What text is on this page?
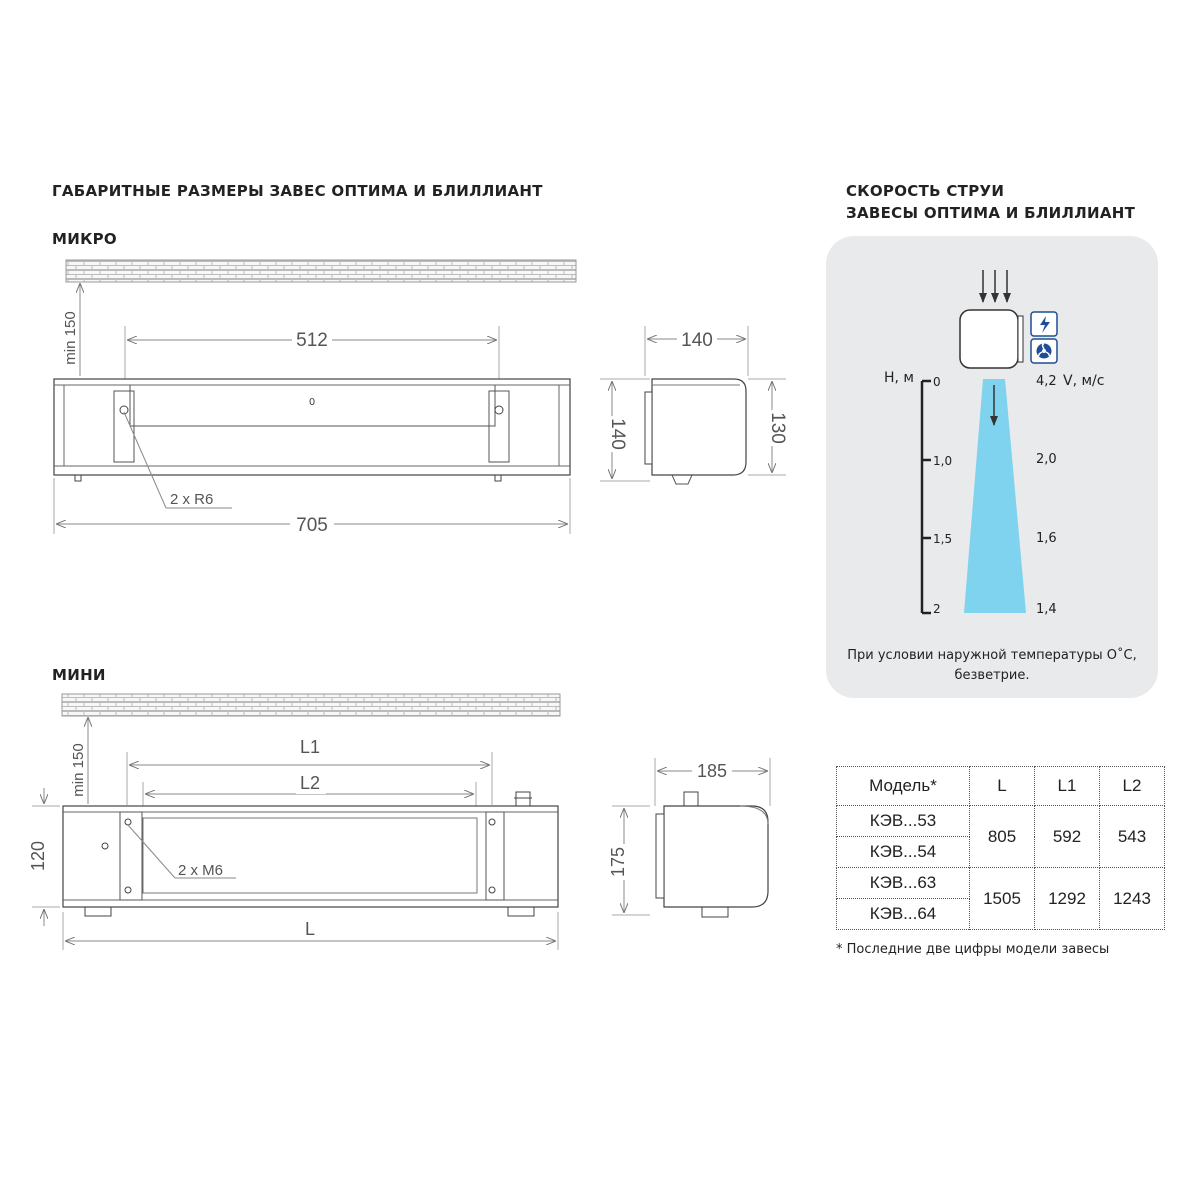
ГАБАРИТНЫЕ РАЗМЕРЫ ЗАВЕС ОПТИМА И БЛИЛЛИАНТ
МИКРО
МИНИ
min 150	512
0
2 x R6
705
140
140	130
min 150	L1
L2
2 x M6
120
L
185
175
СКОРОСТЬ СТРУИ
ЗАВЕСЫ ОПТИМА И БЛИЛЛИАНТ
Н, м 0
1,0
1,5
2
4,2 V, м/с
2,0
1,6
1,4
При условии наружной температуры О˚С,
безветрие.
Модель*	L	L1	L2
КЭВ...53	805	592	543
КЭВ...54			
КЭВ...63	1505	1292	1243
КЭВ...64			
* Последние две цифры модели завесы
